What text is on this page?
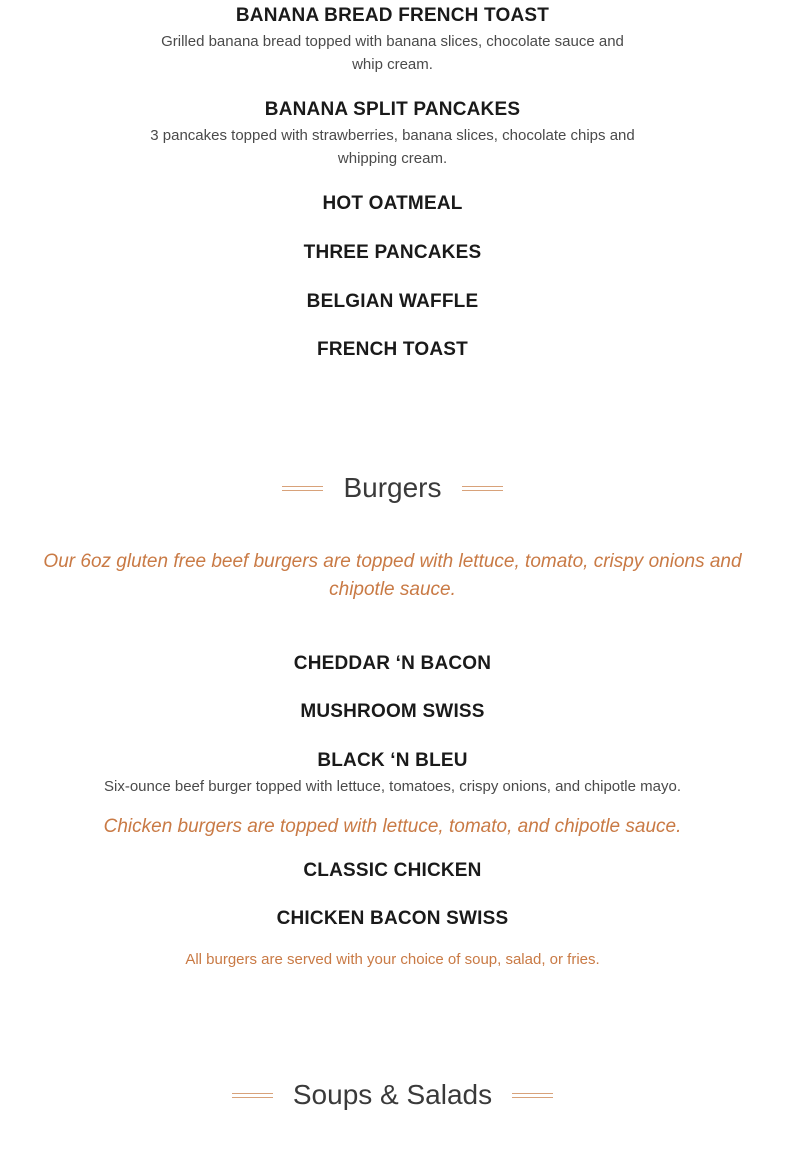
BANANA BREAD FRENCH TOAST
Grilled banana bread topped with banana slices, chocolate sauce and whip cream.
BANANA SPLIT PANCAKES
3 pancakes topped with strawberries, banana slices, chocolate chips and whipping cream.
HOT OATMEAL
THREE PANCAKES
BELGIAN WAFFLE
FRENCH TOAST
Burgers
Our 6oz gluten free beef burgers are topped with lettuce, tomato, crispy onions and chipotle sauce.
CHEDDAR ‘N BACON
MUSHROOM SWISS
BLACK ‘N BLEU
Six-ounce beef burger topped with lettuce, tomatoes, crispy onions, and chipotle mayo.
Chicken burgers are topped with lettuce, tomato, and chipotle sauce.
CLASSIC CHICKEN
CHICKEN BACON SWISS
All burgers are served with your choice of soup, salad, or fries.
Soups & Salads
